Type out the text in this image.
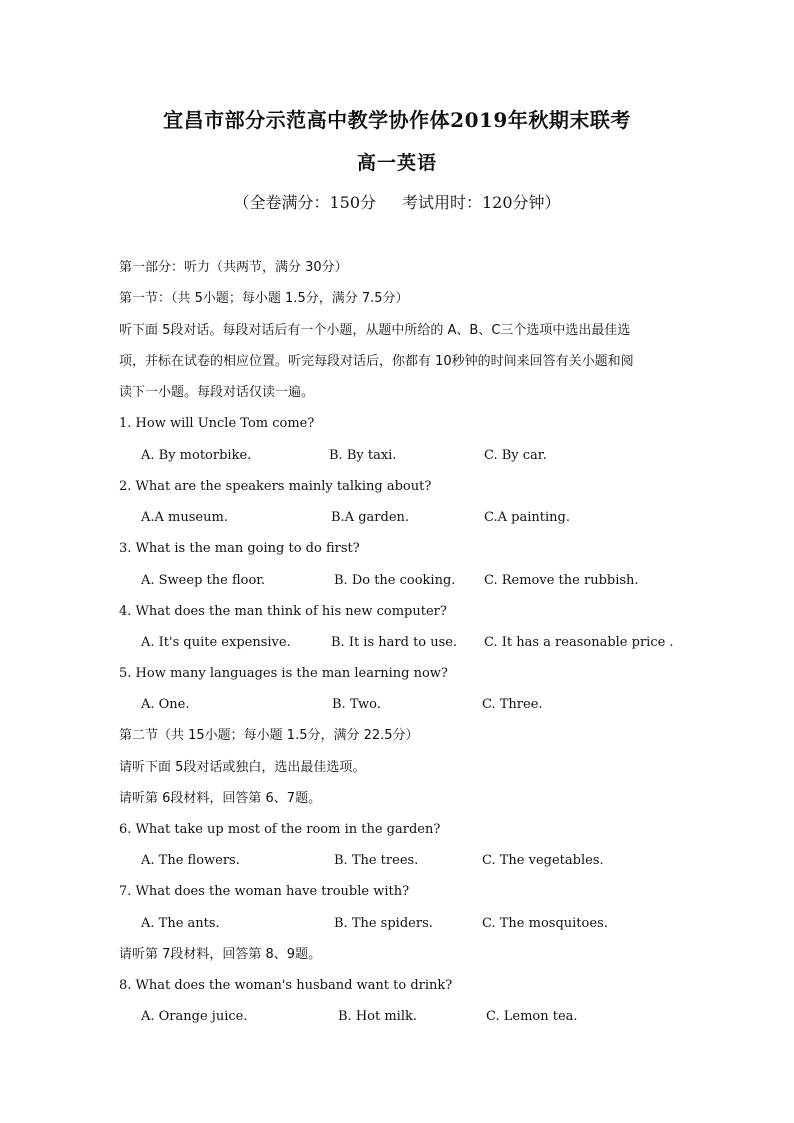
宜昌市部分示范高中教学协作体2019年秋期末联考
高一英语
（全卷满分：150分 考试用时：120分钟）
第一部分：听力（共两节，满分 30分）
第一节：（共 5小题；每小题 1.5分，满分 7.5分）
听下面 5段对话。每段对话后有一个小题，从题中所给的 A、B、C三个选项中选出最佳选
项，并标在试卷的相应位置。听完每段对话后，你都有 10秒钟的时间来回答有关小题和阅
读下一小题。每段对话仅读一遍。
1. How will Uncle Tom come?
A. By motorbike.	B. By taxi.	C. By car.
2. What are the speakers mainly talking about?
A.A museum.	B.A garden.	C.A painting.
3. What is the man going to do first?
A. Sweep the floor.	B. Do the cooking. C. Remove the rubbish.
4. What does the man think of his new computer?
A. It's quite expensive.	B. It is hard to use. C. It has a reasonable price .
5. How many languages is the man learning now?
A. One.	B. Two.	C. Three.
第二节（共 15小题；每小题 1.5分，满分 22.5分）
请听下面 5段对话或独白，选出最佳选项。
请听第 6段材料，回答第 6、7题。
6. What take up most of the room in the garden?
A. The flowers.	B. The trees.	C. The vegetables.
7. What does the woman have trouble with?
A. The ants.	B. The spiders.	C. The mosquitoes.
请听第 7段材料，回答第 8、9题。
8. What does the woman's husband want to drink?
A. Orange juice.	B. Hot milk.	C. Lemon tea.
